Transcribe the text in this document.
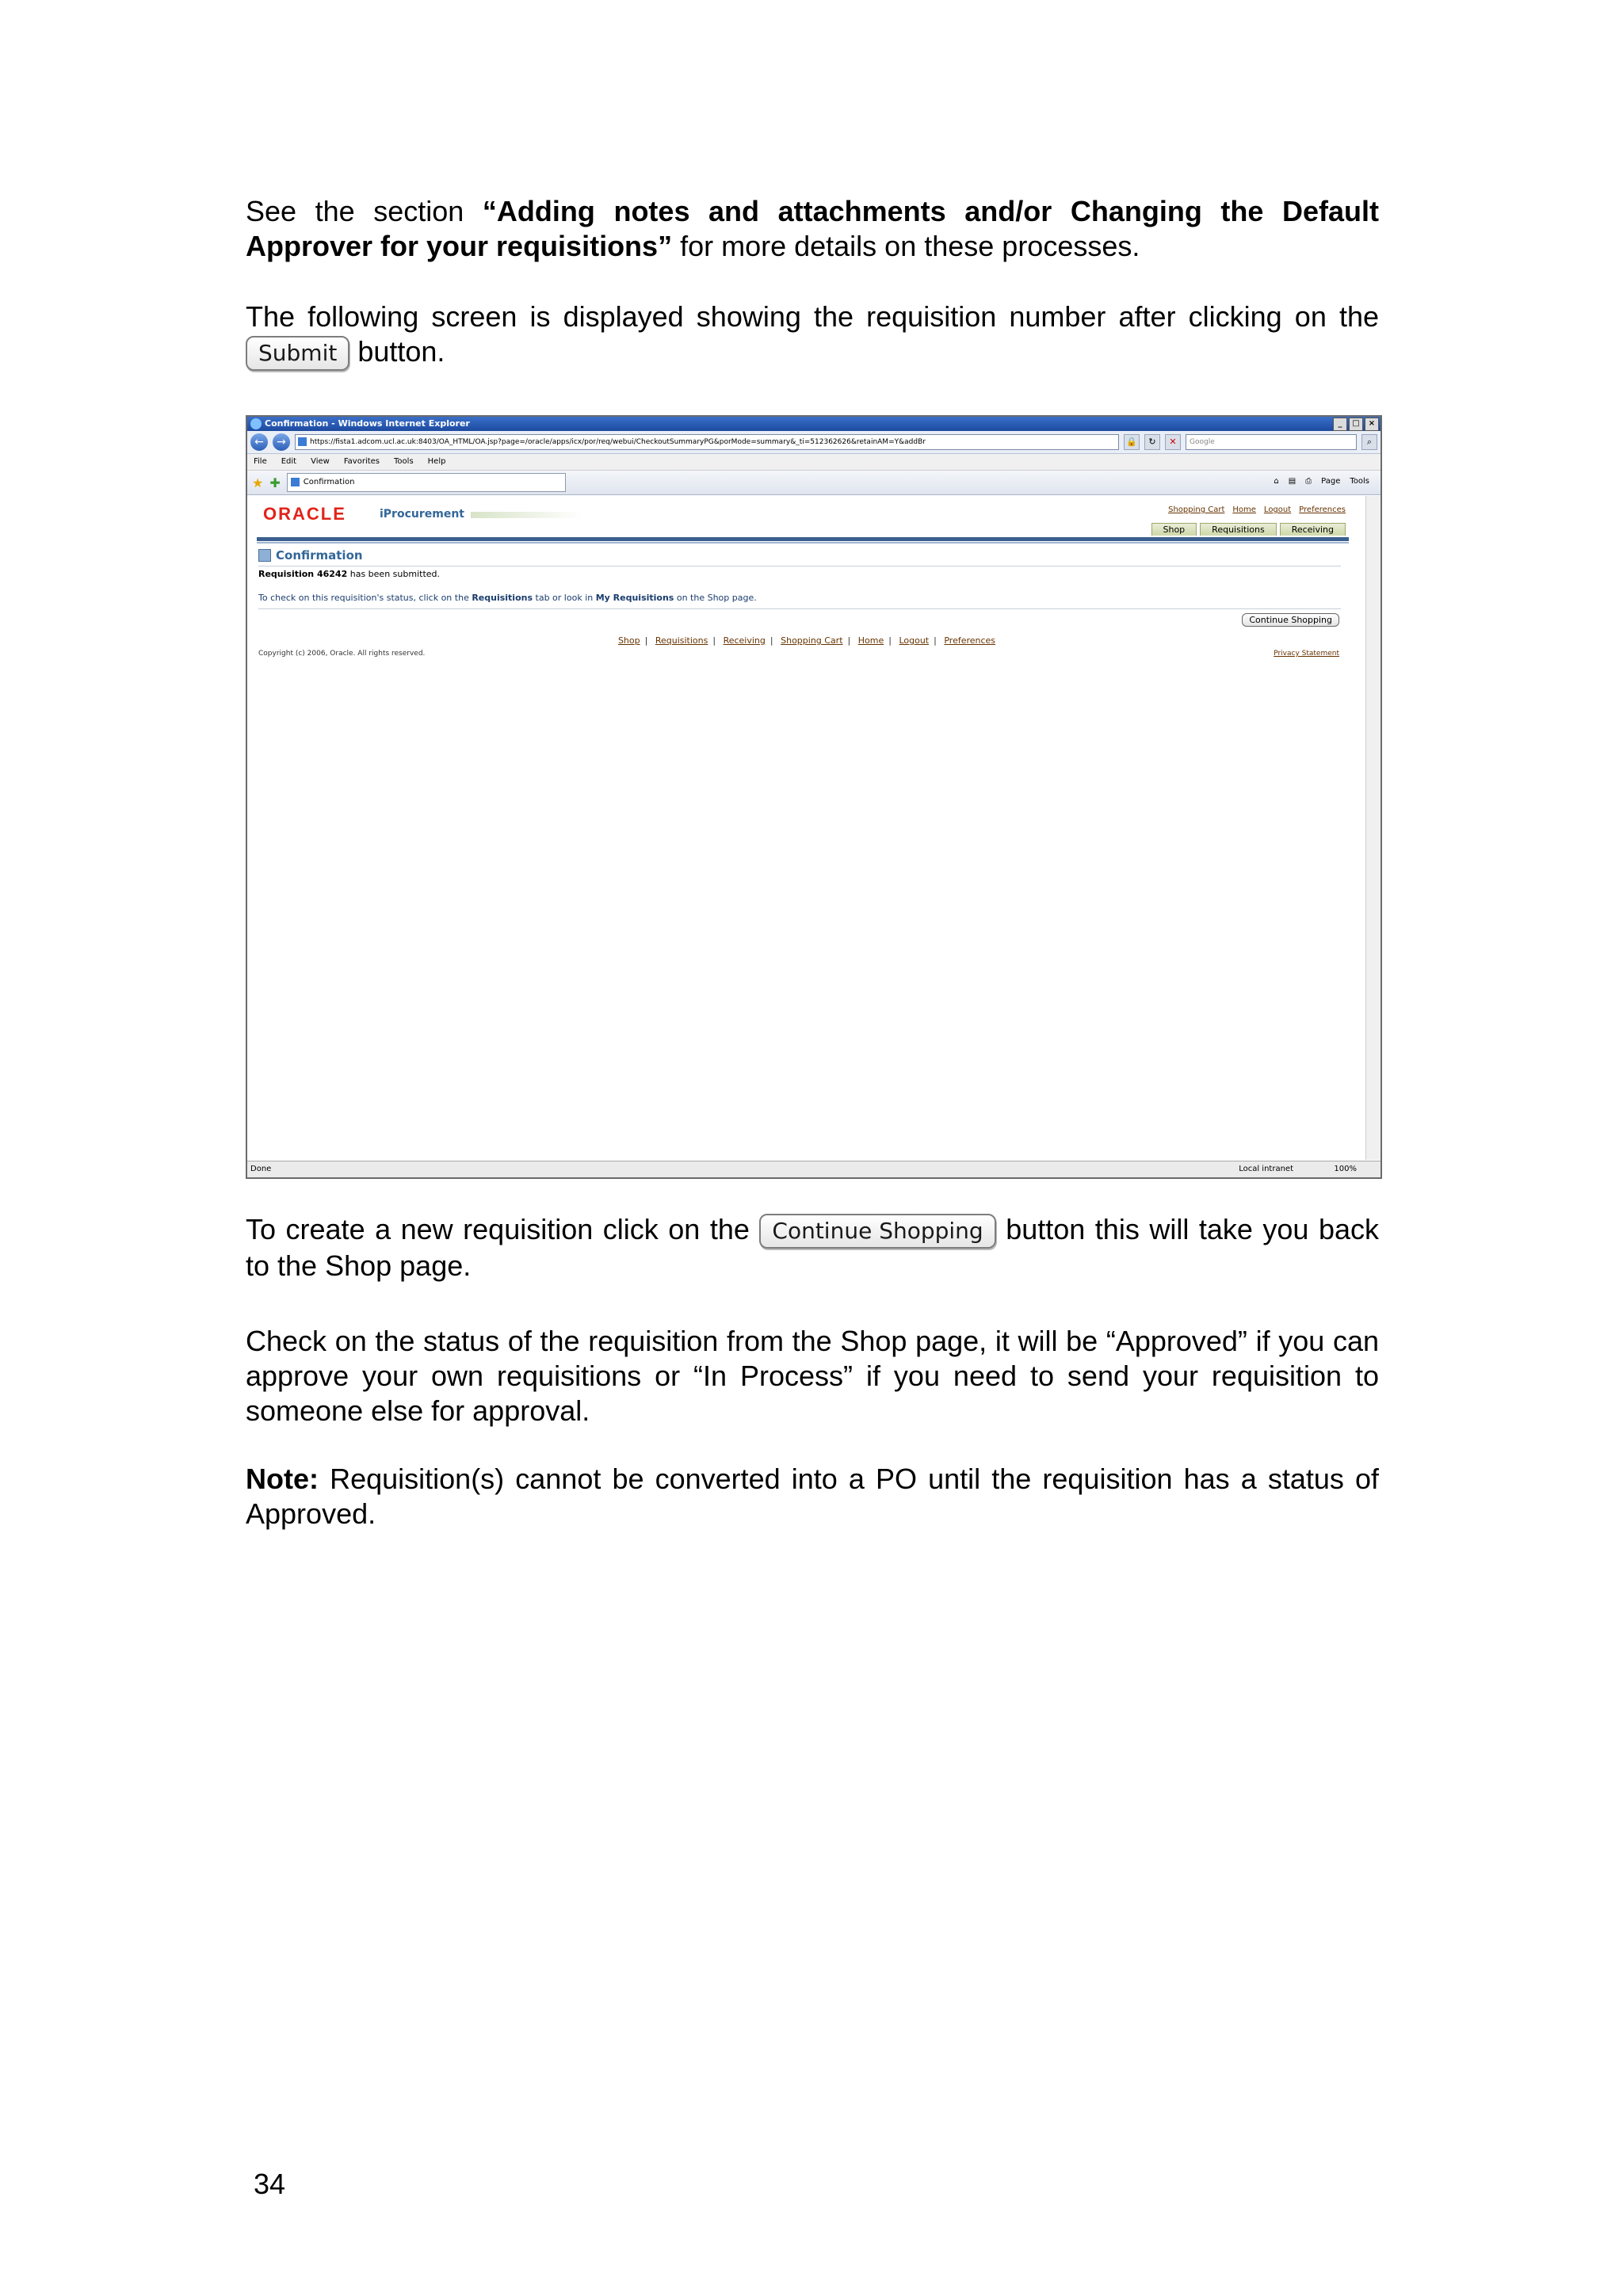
See the section “Adding notes and attachments and/or Changing the Default Approver for your requisitions” for more details on these processes.
The following screen is displayed showing the requisition number after clicking on the Submit button.
Confirmation - Windows Internet Explorer	_	□	×
←	→	https://fista1.adcom.ucl.ac.uk:8403/OA_HTML/OA.jsp?page=/oracle/apps/icx/por/req/webui/CheckoutSummaryPG&porMode=summary&_ti=512362626&retainAM=Y&addBr	🔒	↻	✕	Google	⌕
File Edit View Favorites Tools Help
★ ✚	Confirmation	⌂ ▤ ⎙ Page Tools
ORACLE	iProcurement	Shopping Cart Home Logout Preferences
Shop	Requisitions	Receiving
Confirmation
Requisition 46242 has been submitted.
To check on this requisition's status, click on the Requisitions tab or look in My Requisitions on the Shop page.
Continue Shopping
Shop | Requisitions | Receiving | Shopping Cart | Home | Logout | Preferences
Copyright (c) 2006, Oracle. All rights reserved.	Privacy Statement
Done	Local intranet	100%
To create a new requisition click on the Continue Shopping button this will take you back to the Shop page.
Check on the status of the requisition from the Shop page, it will be “Approved” if you can approve your own requisitions or “In Process” if you need to send your requisition to someone else for approval.
Note: Requisition(s) cannot be converted into a PO until the requisition has a status of Approved.
34
